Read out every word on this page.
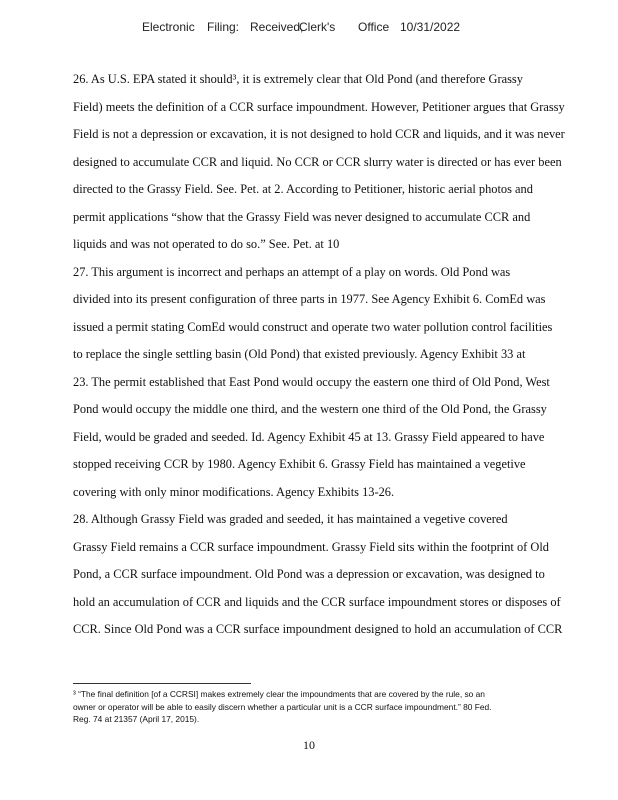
Electronic Filing: Received,
Clerk's Office 10/31/2022
26. As U.S. EPA stated it should³, it is extremely clear that Old Pond (and therefore Grassy
Field) meets the definition of a CCR surface impoundment. However, Petitioner argues that Grassy
Field is not a depression or excavation, it is not designed to hold CCR and liquids, and it was never
designed to accumulate CCR and liquid. No CCR or CCR slurry water is directed or has ever been
directed to the Grassy Field. See. Pet. at 2. According to Petitioner, historic aerial photos and
permit applications “show that the Grassy Field was never designed to accumulate CCR and
liquids and was not operated to do so.” See. Pet. at 10
27. This argument is incorrect and perhaps an attempt of a play on words. Old Pond was
divided into its present configuration of three parts in 1977. See Agency Exhibit 6. ComEd was
issued a permit stating ComEd would construct and operate two water pollution control facilities
to replace the single settling basin (Old Pond) that existed previously. Agency Exhibit 33 at
23. The permit established that East Pond would occupy the eastern one third of Old Pond, West
Pond would occupy the middle one third, and the western one third of the Old Pond, the Grassy
Field, would be graded and seeded. Id. Agency Exhibit 45 at 13. Grassy Field appeared to have
stopped receiving CCR by 1980. Agency Exhibit 6. Grassy Field has maintained a vegetive
covering with only minor modifications. Agency Exhibits 13-26.
28. Although Grassy Field was graded and seeded, it has maintained a vegetive covered
Grassy Field remains a CCR surface impoundment. Grassy Field sits within the footprint of Old
Pond, a CCR surface impoundment. Old Pond was a depression or excavation, was designed to
hold an accumulation of CCR and liquids and the CCR surface impoundment stores or disposes of
CCR. Since Old Pond was a CCR surface impoundment designed to hold an accumulation of CCR
³ “The final definition [of a CCRSI] makes extremely clear the impoundments that are covered by the rule, so an
owner or operator will be able to easily discern whether a particular unit is a CCR surface impoundment.” 80 Fed.
Reg. 74 at 21357 (April 17, 2015).
10
